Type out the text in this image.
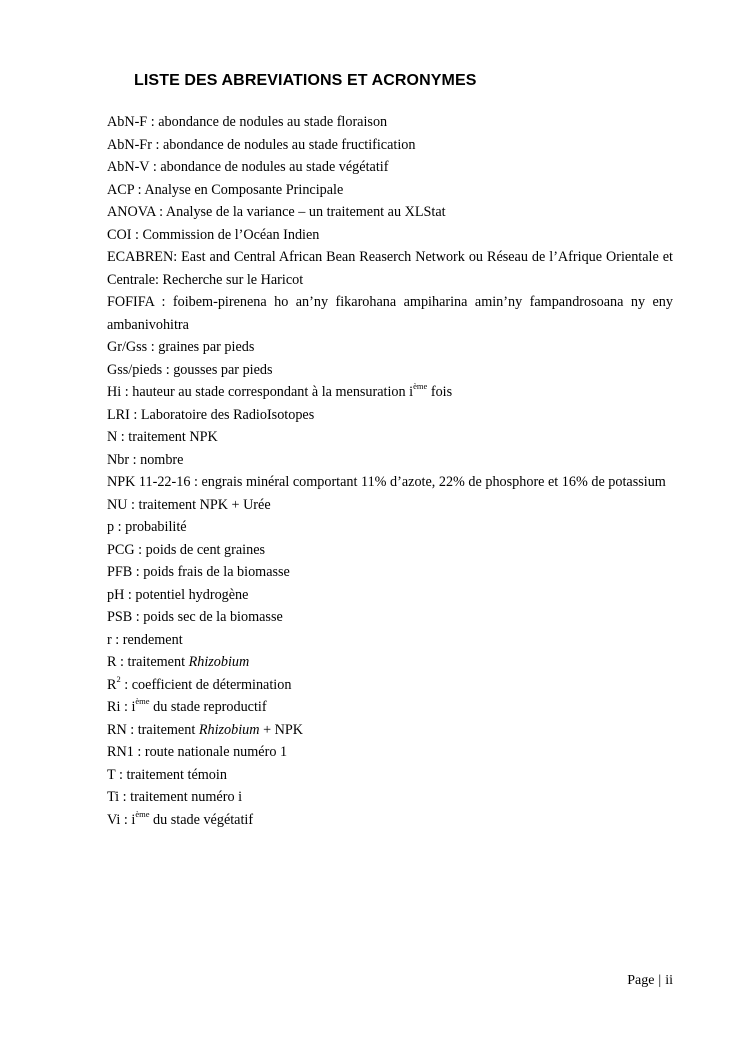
LISTE DES ABREVIATIONS ET ACRONYMES
AbN-F : abondance de nodules au stade floraison
AbN-Fr : abondance de nodules au stade fructification
AbN-V : abondance de nodules au stade végétatif
ACP : Analyse en Composante Principale
ANOVA : Analyse de la variance – un traitement au XLStat
COI : Commission de l’Océan Indien
ECABREN: East and Central African Bean Reaserch Network ou Réseau de l’Afrique Orientale et Centrale: Recherche sur le Haricot
FOFIFA : foibem-pirenena ho an’ny fikarohana ampiharina amin’ny fampandrosoana ny eny ambanivohitra
Gr/Gss : graines par pieds
Gss/pieds : gousses par pieds
Hi : hauteur au stade correspondant à la mensuration $i^{ème}$ fois
LRI : Laboratoire des RadioIsotopes
N : traitement NPK
Nbr : nombre
NPK 11-22-16 : engrais minéral comportant 11% d’azote, 22% de phosphore et 16% de potassium
NU : traitement NPK + Urée
p : probabilité
PCG : poids de cent graines
PFB : poids frais de la biomasse
pH : potentiel hydrogène
PSB : poids sec de la biomasse
r : rendement
R : traitement Rhizobium
$R^2$ : coefficient de détermination
Ri : $i^{ème}$ du stade reproductif
RN : traitement Rhizobium + NPK
RN1 : route nationale numéro 1
T : traitement témoin
Ti : traitement numéro i
Vi : $i^{ème}$ du stade végétatif
Page | ii
